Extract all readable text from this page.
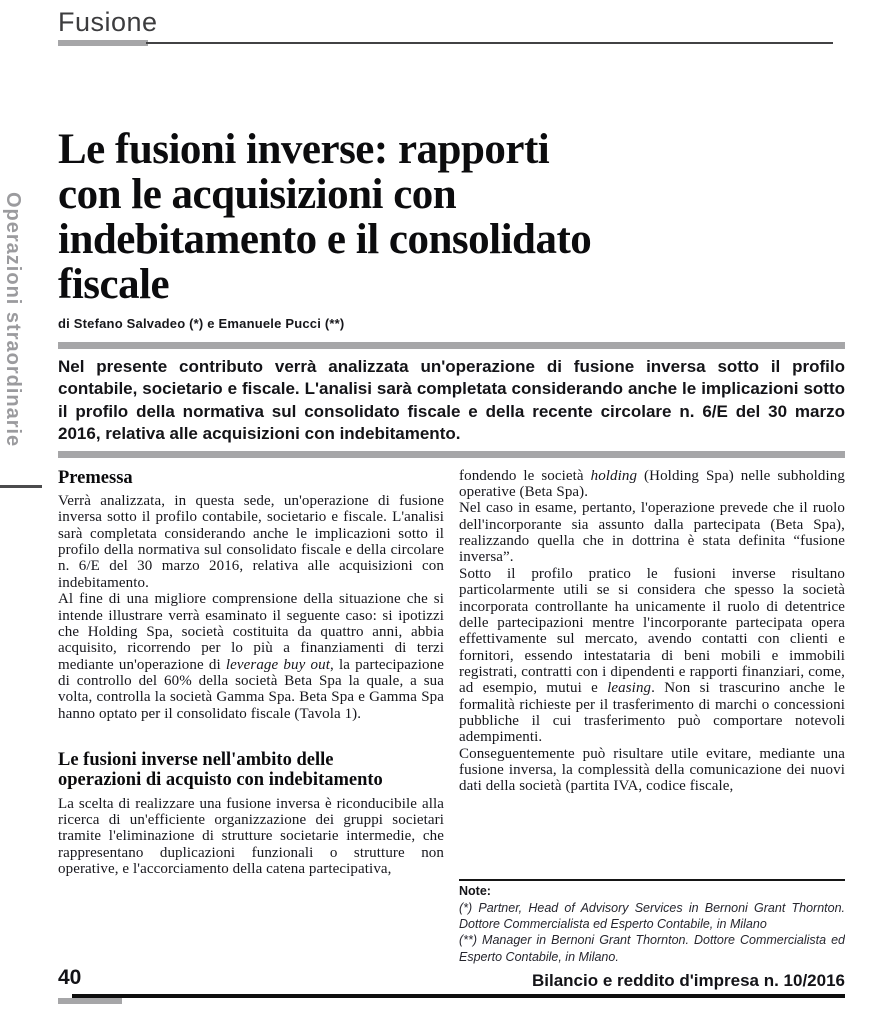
Operazioni straordinarie
Fusione
Le fusioni inverse: rapporti
con le acquisizioni con
indebitamento e il consolidato
fiscale
di Stefano Salvadeo (*) e Emanuele Pucci (**)

Nel presente contributo verrà analizzata un'operazione di fusione inversa sotto il profilo contabile, societario e fiscale. L'analisi sarà completata considerando anche le implicazioni sotto il profilo della normativa sul consolidato fiscale e della recente circolare n. 6/E del 30 marzo 2016, relativa alle acquisizioni con indebitamento.

Premessa

Verrà analizzata, in questa sede, un'operazione di fusione inversa sotto il profilo contabile, societario e fiscale. L'analisi sarà completata considerando anche le implicazioni sotto il profilo della normativa sul consolidato fiscale e della circolare n. 6/E del 30 marzo 2016, relativa alle acquisizioni con indebitamento.

Al fine di una migliore comprensione della situazione che si intende illustrare verrà esaminato il seguente caso: si ipotizzi che Holding Spa, società costituita da quattro anni, abbia acquisito, ricorrendo per lo più a finanziamenti di terzi mediante un'operazione di leverage buy out, la partecipazione di controllo del 60% della società Beta Spa la quale, a sua volta, controlla la società Gamma Spa. Beta Spa e Gamma Spa hanno optato per il consolidato fiscale (Tavola 1).

Le fusioni inverse nell'ambito delle operazioni di acquisto con indebitamento

La scelta di realizzare una fusione inversa è riconducibile alla ricerca di un'efficiente organizzazione dei gruppi societari tramite l'eliminazione di strutture societarie intermedie, che rappresentano duplicazioni funzionali o strutture non operative, e l'accorciamento della catena partecipativa,

fondendo le società holding (Holding Spa) nelle subholding operative (Beta Spa).

Nel caso in esame, pertanto, l'operazione prevede che il ruolo dell'incorporante sia assunto dalla partecipata (Beta Spa), realizzando quella che in dottrina è stata definita “fusione inversa”.

Sotto il profilo pratico le fusioni inverse risultano particolarmente utili se si considera che spesso la società incorporata controllante ha unicamente il ruolo di detentrice delle partecipazioni mentre l'incorporante partecipata opera effettivamente sul mercato, avendo contatti con clienti e fornitori, essendo intestataria di beni mobili e immobili registrati, contratti con i dipendenti e rapporti finanziari, come, ad esempio, mutui e leasing. Non si trascurino anche le formalità richieste per il trasferimento di marchi o concessioni pubbliche il cui trasferimento può comportare notevoli adempimenti.

Conseguentemente può risultare utile evitare, mediante una fusione inversa, la complessità della comunicazione dei nuovi dati della società (partita IVA, codice fiscale,

Note:

(*) Partner, Head of Advisory Services in Bernoni Grant Thornton. Dottore Commercialista ed Esperto Contabile, in Milano

(**) Manager in Bernoni Grant Thornton. Dottore Commercialista ed Esperto Contabile, in Milano.

40	Bilancio e reddito d'impresa n. 10/2016
